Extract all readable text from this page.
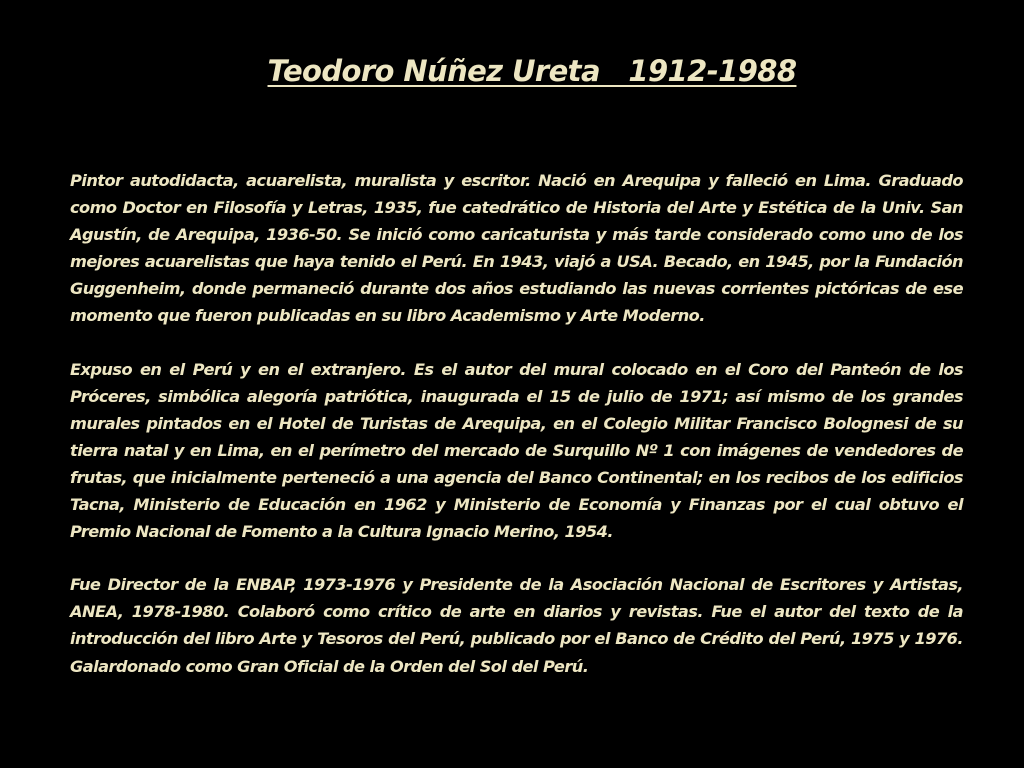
Teodoro Núñez Ureta   1912-1988

Pintor autodidacta, acuarelista, muralista y escritor. Nació en Arequipa y falleció en Lima. Graduado como Doctor en Filosofía y Letras, 1935, fue catedrático de Historia del Arte y Estética de la Univ. San Agustín, de Arequipa, 1936-50. Se inició como caricaturista y más tarde considerado como uno de los mejores acuarelistas que haya tenido el Perú. En 1943, viajó a USA. Becado, en 1945, por la Fundación Guggenheim, donde permaneció durante dos años estudiando las nuevas corrientes pictóricas de ese momento que fueron publicadas en su libro Academismo y Arte Moderno.

Expuso en el Perú y en el extranjero. Es el autor del mural colocado en el Coro del Panteón de los Próceres, simbólica alegoría patriótica, inaugurada el 15 de julio de 1971; así mismo de los grandes murales pintados en el Hotel de Turistas de Arequipa, en el Colegio Militar Francisco Bolognesi de su tierra natal y en Lima, en el perímetro del mercado de Surquillo Nº 1 con imágenes de vendedores de frutas, que inicialmente perteneció a una agencia del Banco Continental; en los recibos de los edificios Tacna, Ministerio de Educación en 1962 y Ministerio de Economía y Finanzas por el cual obtuvo el Premio Nacional de Fomento a la Cultura Ignacio Merino, 1954.

Fue Director de la ENBAP, 1973-1976 y Presidente de la Asociación Nacional de Escritores y Artistas, ANEA, 1978-1980. Colaboró como crítico de arte en diarios y revistas. Fue el autor del texto de la introducción del libro Arte y Tesoros del Perú, publicado por el Banco de Crédito del Perú, 1975 y 1976. Galardonado como Gran Oficial de la Orden del Sol del Perú.
